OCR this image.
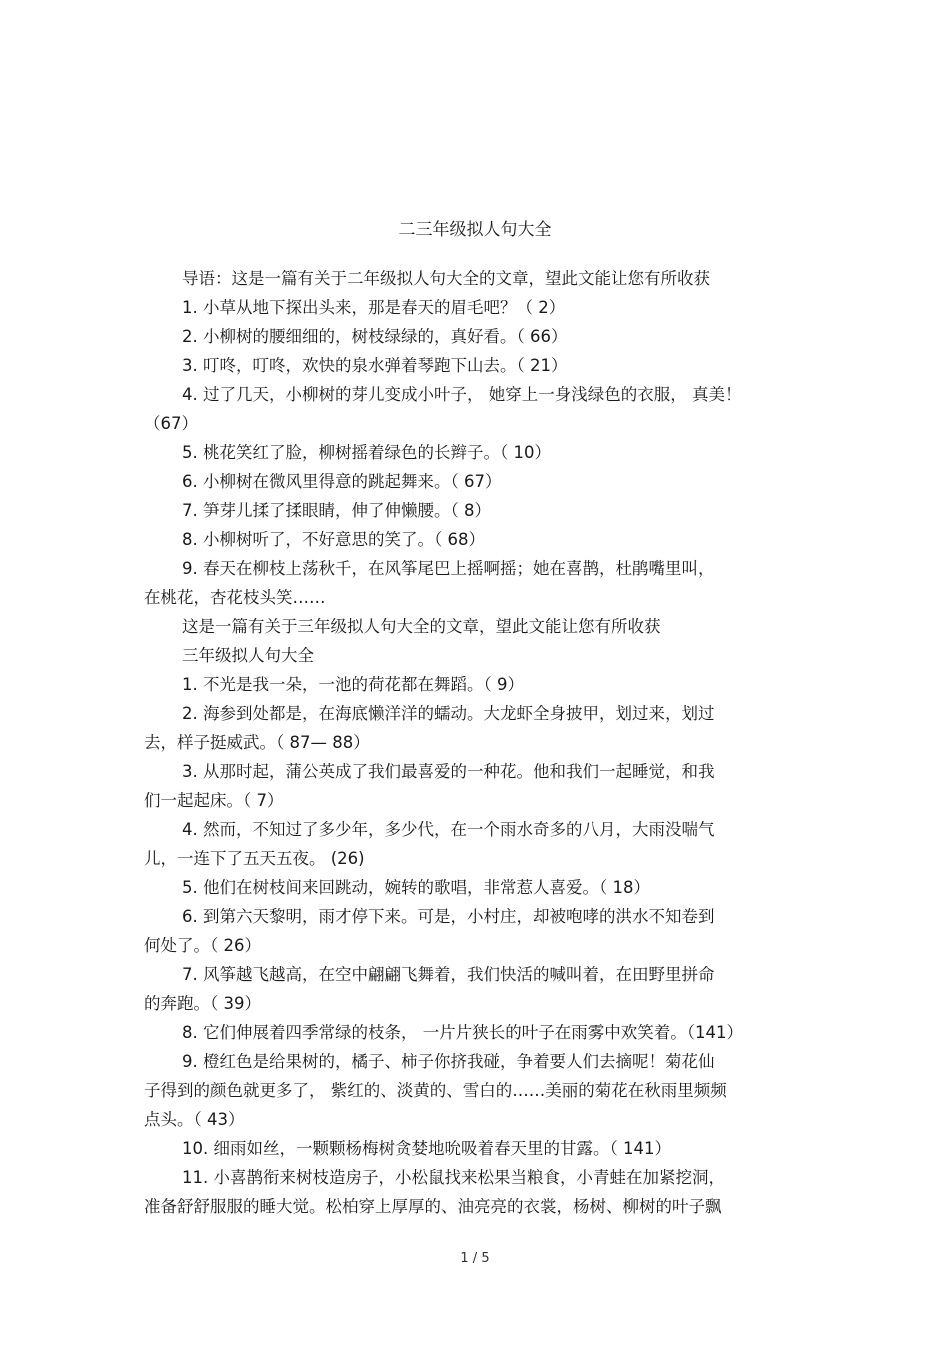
二三年级拟人句大全
导语：这是一篇有关于二年级拟人句大全的文章，望此文能让您有所收获
1. 小草从地下探出头来，那是春天的眉毛吧？（ 2）
2. 小柳树的腰细细的，树枝绿绿的，真好看。（ 66）
3. 叮咚，叮咚，欢快的泉水弹着琴跑下山去。（ 21）
4. 过了几天，小柳树的芽儿变成小叶子， 她穿上一身浅绿色的衣服， 真美！
（67）
5. 桃花笑红了脸，柳树摇着绿色的长辫子。（ 10）
6. 小柳树在微风里得意的跳起舞来。（ 67）
7. 笋芽儿揉了揉眼睛，伸了伸懒腰。（ 8）
8. 小柳树听了，不好意思的笑了。（ 68）
9. 春天在柳枝上荡秋千，在风筝尾巴上摇啊摇；她在喜鹊，杜鹃嘴里叫，
在桃花，杏花枝头笑……
这是一篇有关于三年级拟人句大全的文章，望此文能让您有所收获
三年级拟人句大全
1. 不光是我一朵，一池的荷花都在舞蹈。（ 9）
2. 海参到处都是，在海底懒洋洋的蠕动。大龙虾全身披甲，划过来，划过
去，样子挺威武。（ 87— 88）
3. 从那时起，蒲公英成了我们最喜爱的一种花。他和我们一起睡觉，和我
们一起起床。（ 7）
4. 然而，不知过了多少年，多少代，在一个雨水奇多的八月，大雨没喘气
儿，一连下了五天五夜。 (26)
5. 他们在树枝间来回跳动，婉转的歌唱，非常惹人喜爱。（ 18）
6. 到第六天黎明，雨才停下来。可是，小村庄，却被咆哮的洪水不知卷到
何处了。（ 26）
7. 风筝越飞越高，在空中翩翩飞舞着，我们快活的喊叫着，在田野里拼命
的奔跑。（ 39）
8. 它们伸展着四季常绿的枝条， 一片片狭长的叶子在雨雾中欢笑着。（141）
9. 橙红色是给果树的，橘子、柿子你挤我碰，争着要人们去摘呢！菊花仙
子得到的颜色就更多了， 紫红的、淡黄的、雪白的……美丽的菊花在秋雨里频频
点头。（ 43）
10. 细雨如丝，一颗颗杨梅树贪婪地吮吸着春天里的甘露。（ 141）
11. 小喜鹊衔来树枝造房子，小松鼠找来松果当粮食，小青蛙在加紧挖洞，
准备舒舒服服的睡大觉。松柏穿上厚厚的、油亮亮的衣裳，杨树、柳树的叶子飘
1 / 5
